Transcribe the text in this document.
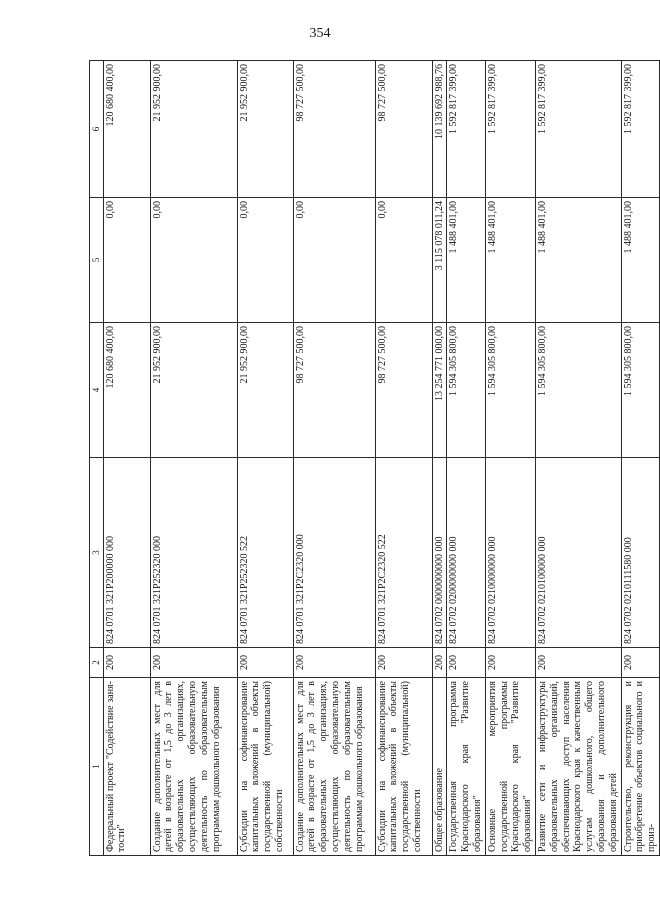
354
1	2	3	4	5	6
Федеральный проект "Содействие заня-тости"	200	824 0701 321P200000 000	120 680 400,00	0,00	120 680 400,00
Создание дополнительных мест для детей в возрасте от 1,5 до 3 лет в образовательных организациях, осуществляющих образовательную деятельность по образовательным программам дошкольного образования	200	824 0701 321P252320 000	21 952 900,00	0,00	21 952 900,00
Субсидии на софинансирование капитальных вложений в объекты государственной (муниципальной) собственности	200	824 0701 321P252320 522	21 952 900,00	0,00	21 952 900,00
Создание дополнительных мест для детей в возрасте от 1,5 до 3 лет в образовательных организациях, осуществляющих образовательную деятельность по образовательным программам дошкольного образования	200	824 0701 321P2C2320 000	98 727 500,00	0,00	98 727 500,00
Субсидии на софинансирование капитальных вложений в объекты государственной (муниципальной) собственности	200	824 0701 321P2C2320 522	98 727 500,00	0,00	98 727 500,00
Общее образование	200	824 0702 0000000000 000	13 254 771 000,00	3 115 078 011,24	10 139 692 988,76
Государственная программа Краснодарского края "Развитие образования"	200	824 0702 0200000000 000	1 594 305 800,00	1 488 401,00	1 592 817 399,00
Основные мероприятия государственной программы Краснодарского края "Развитие образования"	200	824 0702 0210000000 000	1 594 305 800,00	1 488 401,00	1 592 817 399,00
Развитие сети и инфраструктуры образовательных организаций, обеспечивающих доступ населения Краснодарского края к качественным услугам дошкольного, общего образования и дополнительного образования детей	200	824 0702 0210100000 000	1 594 305 800,00	1 488 401,00	1 592 817 399,00
Строительство, реконструкция и приобретение объектов социального и произ-	200	824 0702 0210111580 000	1 594 305 800,00	1 488 401,00	1 592 817 399,00
